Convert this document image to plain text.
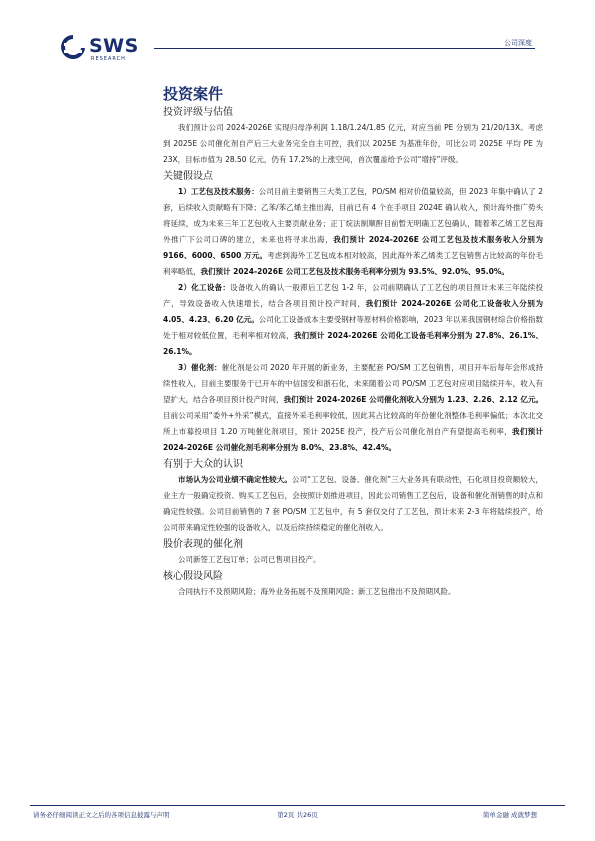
SWS
RESEARCH
公司深度
投资案件
投资评级与估值

我们预计公司 2024-2026E 实现归母净利润 1.18/1.24/1.85 亿元，对应当前 PE 分别为 21/20/13X。考虑到 2025E 公司催化剂自产后三大业务完全自主可控，我们以 2025E 为基准年份，可比公司 2025E 平均 PE 为 23X，目标市值为 28.50 亿元，仍有 17.2%的上涨空间，首次覆盖给予公司“增持”评级。

关键假设点

1）工艺包及技术服务：公司目前主要销售三大类工艺包，PO/SM 相对价值量较高，但 2023 年集中确认了 2 套，后续收入贡献略有下降；乙苯/苯乙烯主推出海，目前已有 4 个在手项目 2024E 确认收入，预计海外推广势头将延续，成为未来三年工艺包收入主要贡献业务；正丁烷法制顺酐目前暂无明确工艺包确认，随着苯乙烯工艺包海外推广下公司口碑的建立，未来也将寻求出海，我们预计 2024-2026E 公司工艺包及技术服务收入分别为 9166、6000、6500 万元。考虑到海外工艺包成本相对较高，因此海外苯乙烯类工艺包销售占比较高的年份毛利率略低，我们预计 2024-2026E 公司工艺包及技术服务毛利率分别为 93.5%、92.0%、95.0%。

2）化工设备：设备收入的确认一般滞后工艺包 1-2 年，公司前期确认了工艺包的项目预计未来三年陆续投产，导致设备收入快速增长，结合各项目预计投产时间，我们预计 2024-2026E 公司化工设备收入分别为 4.05、4.23、6.20 亿元。公司化工设备成本主要受钢材等原材料价格影响，2023 年以来我国钢材综合价格指数处于相对较低位置，毛利率相对较高，我们预计 2024-2026E 公司化工设备毛利率分别为 27.8%、26.1%、26.1%。

3）催化剂：催化剂是公司 2020 年开展的新业务，主要配套 PO/SM 工艺包销售，项目开车后每年会形成持续性收入，目前主要服务于已开车的中信国安和浙石化，未来随着公司 PO/SM 工艺包对应项目陆续开车，收入有望扩大，结合各项目预计投产时间，我们预计 2024-2026E 公司催化剂收入分别为 1.23、2.26、2.12 亿元。目前公司采用“委外+外采”模式，直接外采毛利率较低，因此其占比较高的年份催化剂整体毛利率偏低；本次北交所上市募投项目 1.20 万吨催化剂项目，预计 2025E 投产，投产后公司催化剂自产有望提高毛利率，我们预计 2024-2026E 公司催化剂毛利率分别为 8.0%、23.8%、42.4%。

有别于大众的认识

市场认为公司业绩不确定性较大。公司“工艺包、设备、催化剂”三大业务具有联动性，石化项目投资额较大，业主方一般确定投资、购买工艺包后，会按照计划推进项目，因此公司销售工艺包后，设备和催化剂销售的时点和确定性较强。公司目前销售的 7 套 PO/SM 工艺包中，有 5 套仅交付了工艺包，预计未来 2-3 年将陆续投产，给公司带来确定性较强的设备收入，以及后续持续稳定的催化剂收入。

股价表现的催化剂

公司新签工艺包订单；公司已售项目投产。

核心假设风险

合同执行不及预期风险；海外业务拓展不及预期风险；新工艺包推出不及预期风险。

请务必仔细阅读正文之后的各项信息披露与声明	第2页 共26页	简单金融 成就梦想
